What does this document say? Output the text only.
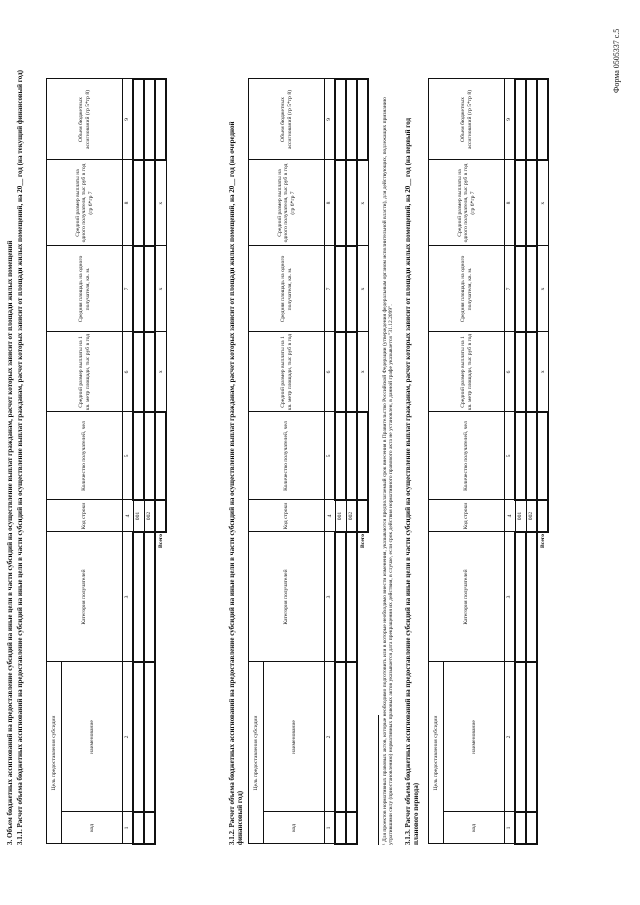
Форма 0505337 с.5
3. Объем бюджетных ассигнований на предоставление субсидий на иные цели в части субсидий на осуществление выплат гражданам, расчет которых зависит от площади жилых помещений 3.1.1. Расчет объема бюджетных ассигнований на предоставление субсидий на иные цели в части субсидий на осуществление выплат гражданам, расчет которых зависит от площади жилых помещений, на 20__ год (на текущий финансовый год)	Цель предоставления субсидии		Категория получателей	Код строки	Количество получателей, чел	Средний размер выплаты на 1 кв. метр площади, тыс руб в год	Средняя площадь на одного получателя, кв. м.	Средний размер выплаты на одного получателя, тыс руб в год (гр 6*гр 7	Объем бюджетных ассигнований (гр 5*гр 8)
код	наименование							
1	2	3	4	5	6	7	8	9
			001					
			002					
		Всего			x	x	x		3.1.2. Расчет объема бюджетных ассигнований на предоставление субсидий на иные цели в части субсидий на осуществление выплат гражданам, расчет которых зависит от площади жилых помещений, на 20__ год (на очередной финансовый год)
Цель предоставления субсидии		Категория получателей	Код строки	Количество получателей, чел	Средний размер выплаты на 1 кв. метр площади, тыс руб в год	Средняя площадь на одного получателя, кв. м.	Средний размер выплаты на одного получателя, тыс руб в год (гр 6*гр 7	Объем бюджетных ассигнований (гр 5*гр 8)
код	наименование							
1	2	3	4	5	6	7	8	9
			001					
			002					
		Всего			x	x	x		¹ Для проектов нормативных правовых актов, которые необходимо подготовить или в которые необходимо внести изменения, указываются предполагаемый срок внесения в Правительство Российской Федерации (утверждения федеральным органом исполнительной власти), для действующих, подлежащих признанию утратившими силу (приостановлению) нормативных правовых актов указывается дата прекращения их действия, в случае, если срок действия нормативного правового акта не установлен, в данной графе указывается "31.12.2099". 3.1.3. Расчет объема бюджетных ассигнований на предоставление субсидий на иные цели в части субсидий на осуществление выплат гражданам, расчет которых зависит от площади жилых помещений, на 20__ год (на первый год планового периода)
Цель предоставления субсидии		Категория получателей	Код строки	Количество получателей, чел	Средний размер выплаты на 1 кв. метр площади, тыс руб в год	Средняя площадь на одного получателя, кв. м.	Средний размер выплаты на одного получателя, тыс руб в год (гр 6*гр 7	Объем бюджетных ассигнований (гр 5*гр 8)
код	наименование							
1	2	3	4	5	6	7	8	9
			001					
			002					
		Всего			x	x	x	
